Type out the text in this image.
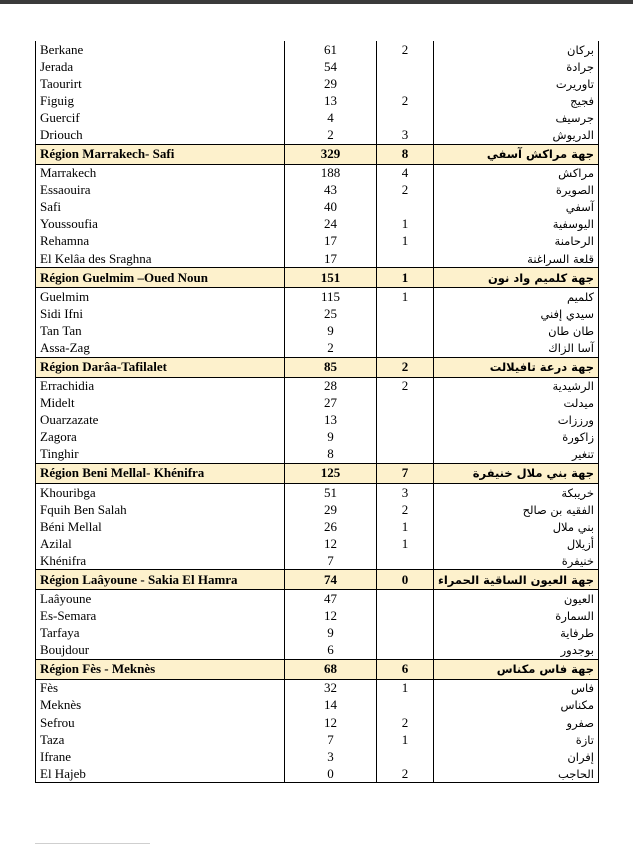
Berkane	61	2	بركان
Jerada	54		جرادة
Taourirt	29		تاوريرت
Figuig	13	2	فجيج
Guercif	4		جرسيف
Driouch	2	3	الدريوش
Région Marrakech- Safi	329	8	جهة مراكش آسفي
Marrakech	188	4	مراكش
Essaouira	43	2	الصويرة
Safi	40		آسفي
Youssoufia	24	1	اليوسفية
Rehamna	17	1	الرحامنة
El Kelâa des Sraghna	17		قلعة السراغنة
Région Guelmim –Oued Noun	151	1	جهة كلميم واد نون
Guelmim	115	1	كلميم
Sidi Ifni	25		سيدي إفني
Tan Tan	9		طان طان
Assa-Zag	2		آسا الزاك
Région Darâa-Tafilalet	85	2	جهة درعة تافيلالت
Errachidia	28	2	الرشيدية
Midelt	27		ميدلت
Ouarzazate	13		ورززات
Zagora	9		زاكورة
Tinghir	8		تنغير
Région Beni Mellal- Khénifra	125	7	جهة بني ملال خنيفرة
Khouribga	51	3	خريبكة
Fquih Ben Salah	29	2	الفقيه بن صالح
Béni Mellal	26	1	بني ملال
Azilal	12	1	أزيلال
Khénifra	7		خنيفرة
Région Laâyoune - Sakia El Hamra	74	0	جهة العيون الساقية الحمراء
Laâyoune	47		العيون
Es-Semara	12		السمارة
Tarfaya	9		طرفاية
Boujdour	6		بوجدور
Région Fès - Meknès	68	6	جهة فاس مكناس
Fès	32	1	فاس
Meknès	14		مكناس
Sefrou	12	2	صفرو
Taza	7	1	تازة
Ifrane	3		إفران
El Hajeb	0	2	الحاجب
